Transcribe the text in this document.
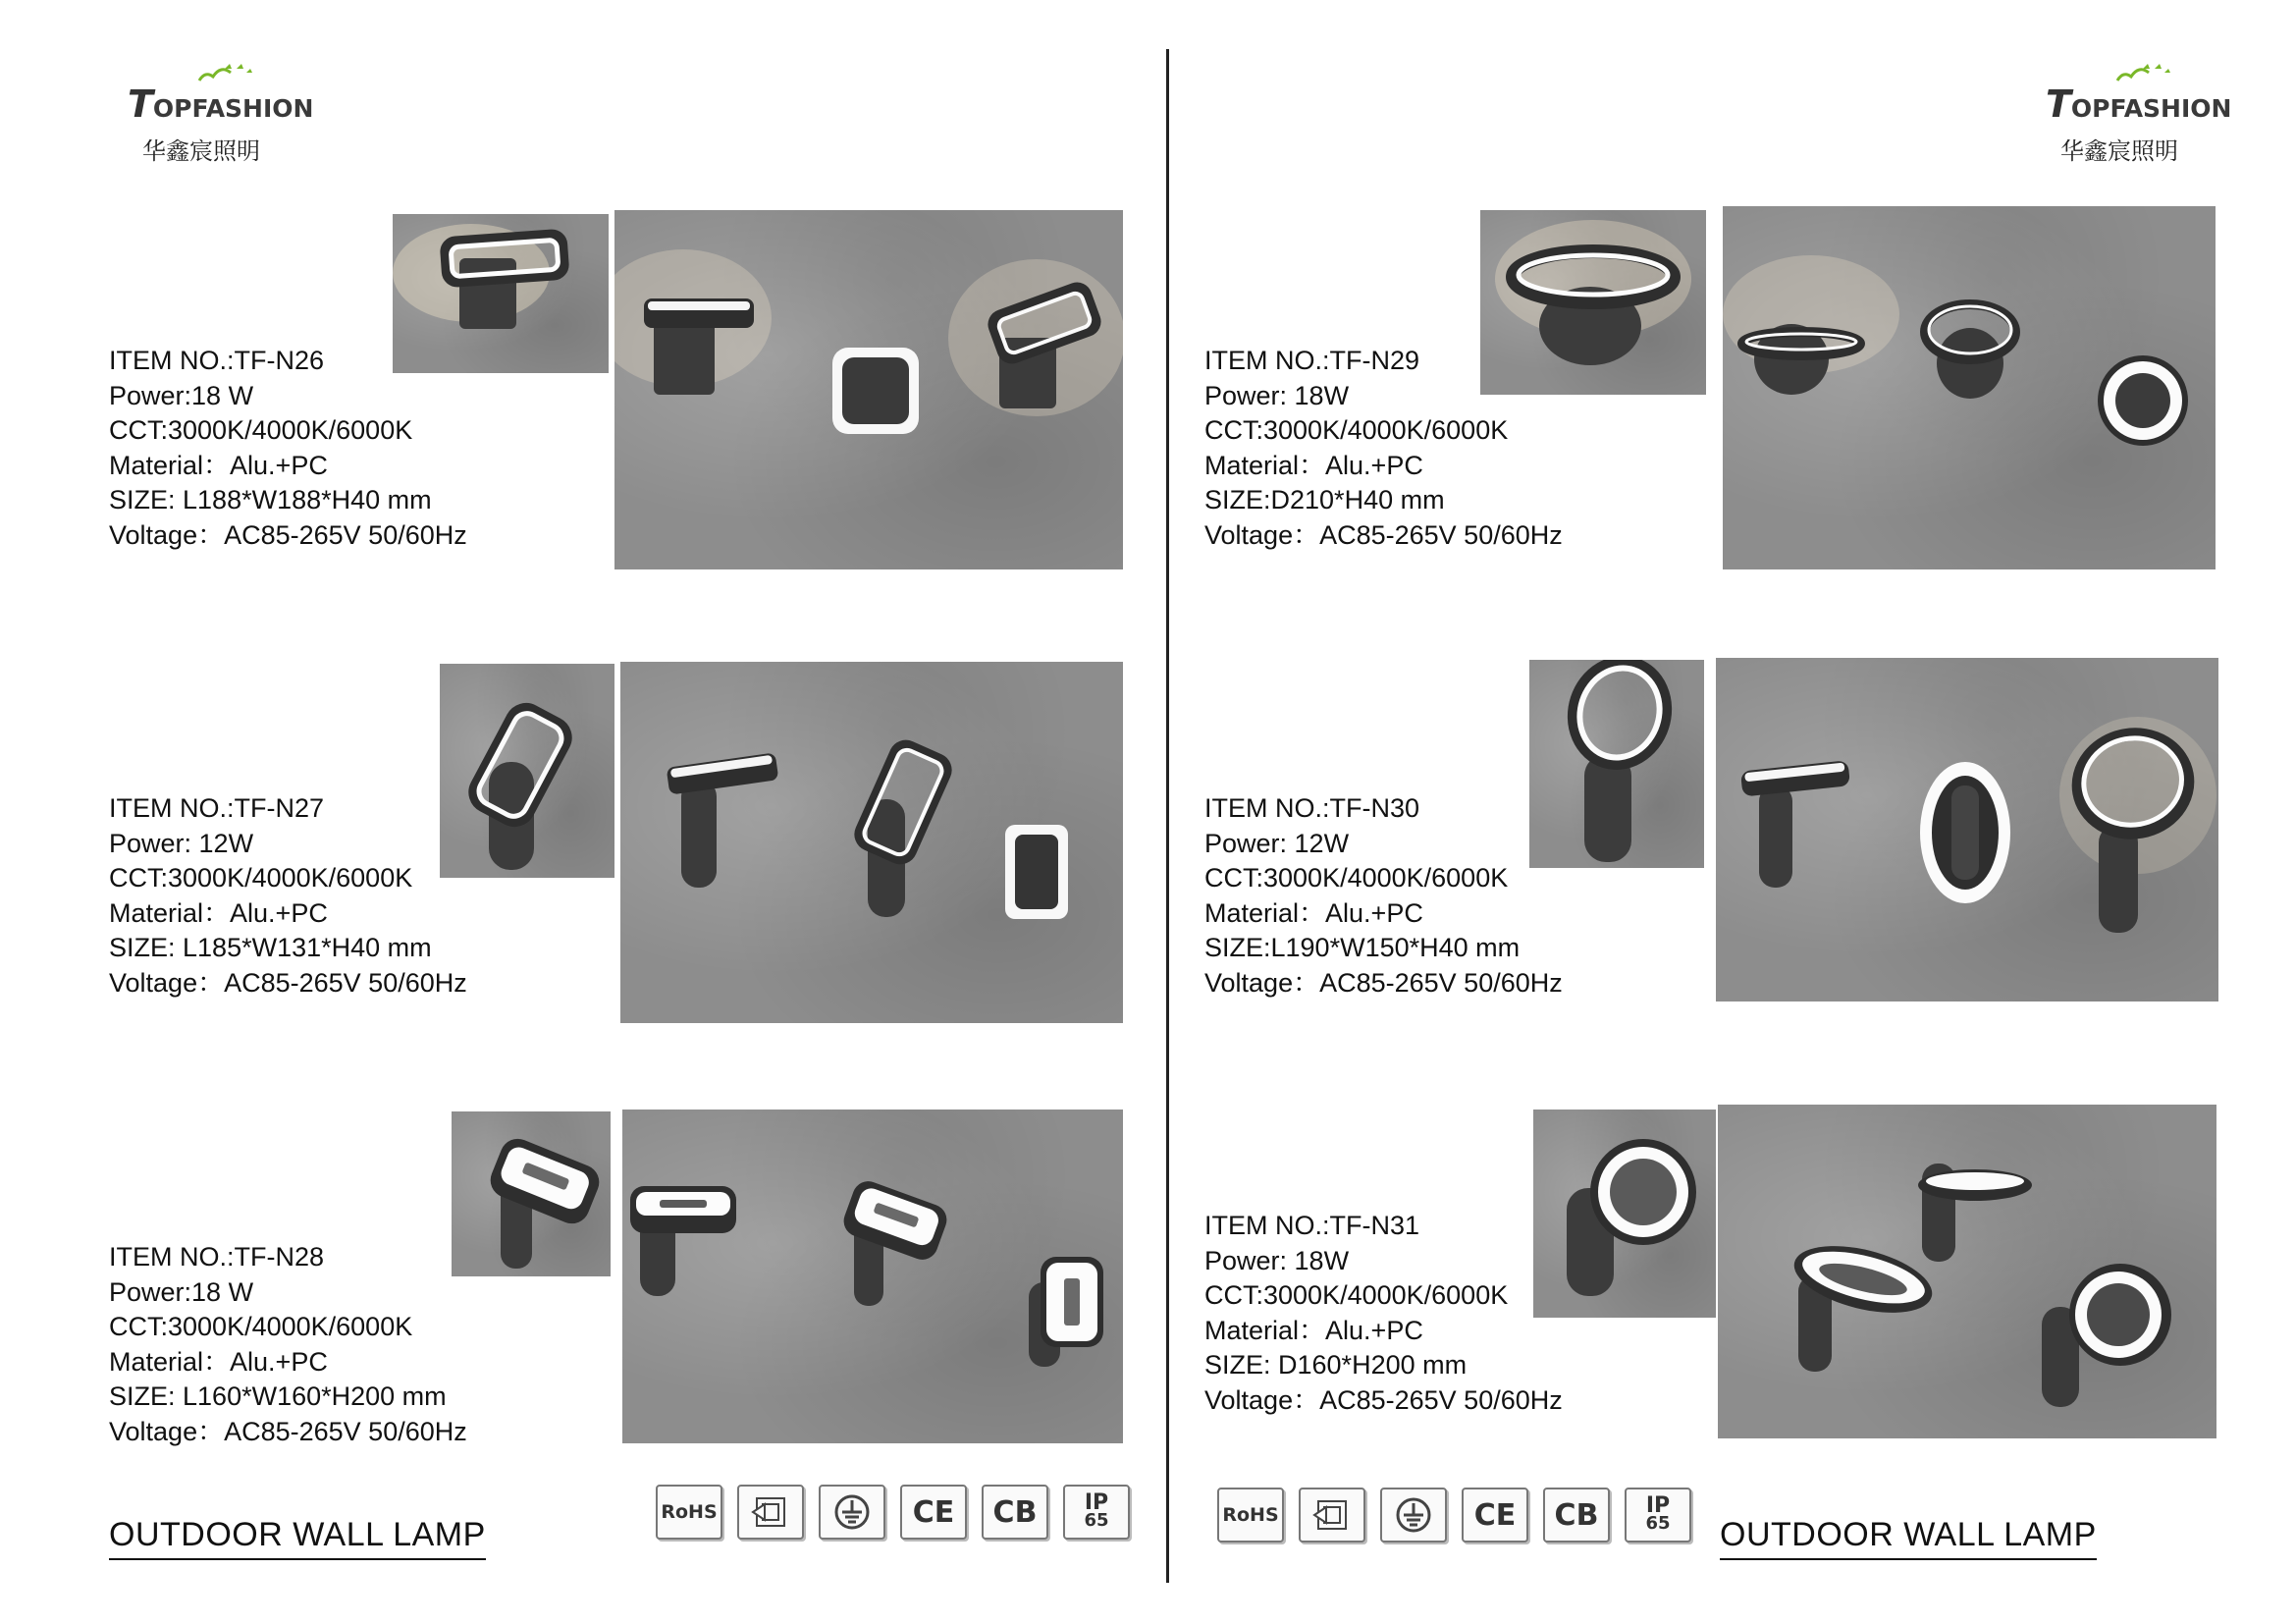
TOPFASHION
华鑫宸照明
TOPFASHION
华鑫宸照明
ITEM NO.:TF-N26
Power:18 W
CCT:3000K/4000K/6000K
Material：Alu.+PC
SIZE: L188*W188*H40 mm
Voltage：AC85-265V 50/60Hz
ITEM NO.:TF-N27
Power: 12W
CCT:3000K/4000K/6000K
Material：Alu.+PC
SIZE: L185*W131*H40 mm
Voltage：AC85-265V 50/60Hz
ITEM NO.:TF-N28
Power:18 W
CCT:3000K/4000K/6000K
Material：Alu.+PC
SIZE: L160*W160*H200 mm
Voltage：AC85-265V 50/60Hz
RoHS	CE	CB	IP
65
OUTDOOR WALL LAMP
ITEM NO.:TF-N29
Power: 18W
CCT:3000K/4000K/6000K
Material：Alu.+PC
SIZE:D210*H40 mm
Voltage：AC85-265V 50/60Hz
ITEM NO.:TF-N30
Power: 12W
CCT:3000K/4000K/6000K
Material：Alu.+PC
SIZE:L190*W150*H40 mm
Voltage：AC85-265V 50/60Hz
ITEM NO.:TF-N31
Power: 18W
CCT:3000K/4000K/6000K
Material：Alu.+PC
SIZE: D160*H200 mm
Voltage：AC85-265V 50/60Hz
RoHS	CE	CB	IP
65 OUTDOOR WALL LAMP
